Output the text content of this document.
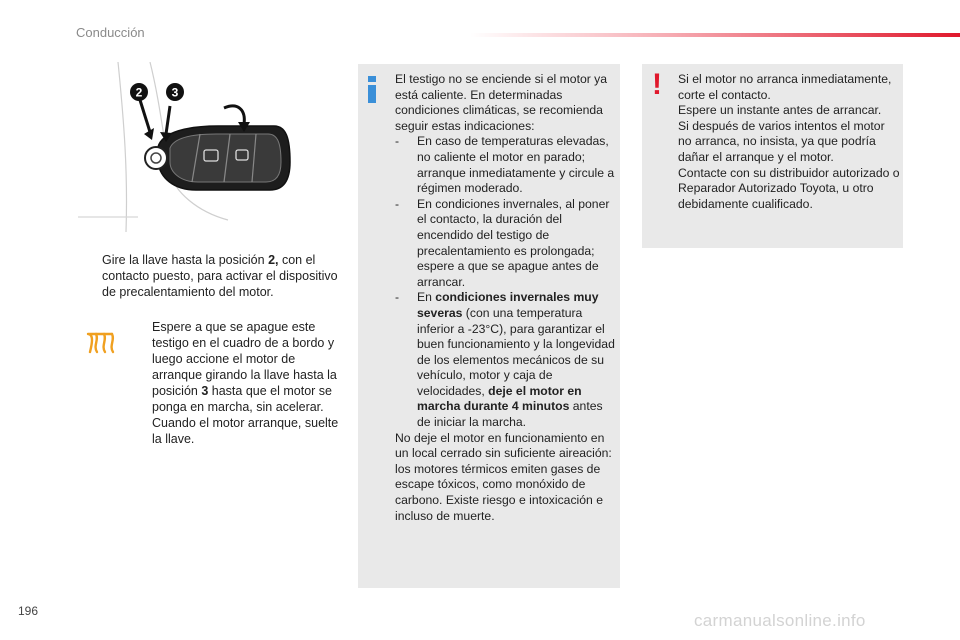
Conducción
2 3
Gire la llave hasta la posición 2, con el contacto puesto, para activar el dispositivo de precalentamiento del motor.
Espere a que se apague este testigo en el cuadro de a bordo y luego accione el motor de arranque girando la llave hasta la posición 3 hasta que el motor se ponga en marcha, sin acelerar. Cuando el motor arranque, suelte la llave.

El testigo no se enciende si el motor ya está caliente. En determinadas condiciones climáticas, se recomienda seguir estas indicaciones:

- En caso de temperaturas elevadas, no caliente el motor en parado; arranque inmediatamente y circule a régimen moderado.
- En condiciones invernales, al poner el contacto, la duración del encendido del testigo de precalentamiento es prolongada; espere a que se apague antes de arrancar.
- En condiciones invernales muy severas (con una temperatura inferior a -23°C), para garantizar el buen funcionamiento y la longevidad de los elementos mecánicos de su vehículo, motor y caja de velocidades, deje el motor en marcha durante 4 minutos antes de iniciar la marcha.

No deje el motor en funcionamiento en un local cerrado sin suficiente aireación: los motores térmicos emiten gases de escape tóxicos, como monóxido de carbono. Existe riesgo e intoxicación e incluso de muerte.

! Si el motor no arranca inmediatamente, corte el contacto.

Espere un instante antes de arrancar.

Si después de varios intentos el motor no arranca, no insista, ya que podría dañar el arranque y el motor.

Contacte con su distribuidor autorizado o Reparador Autorizado Toyota, u otro debidamente cualificado.

196	carmanualsonline.info
